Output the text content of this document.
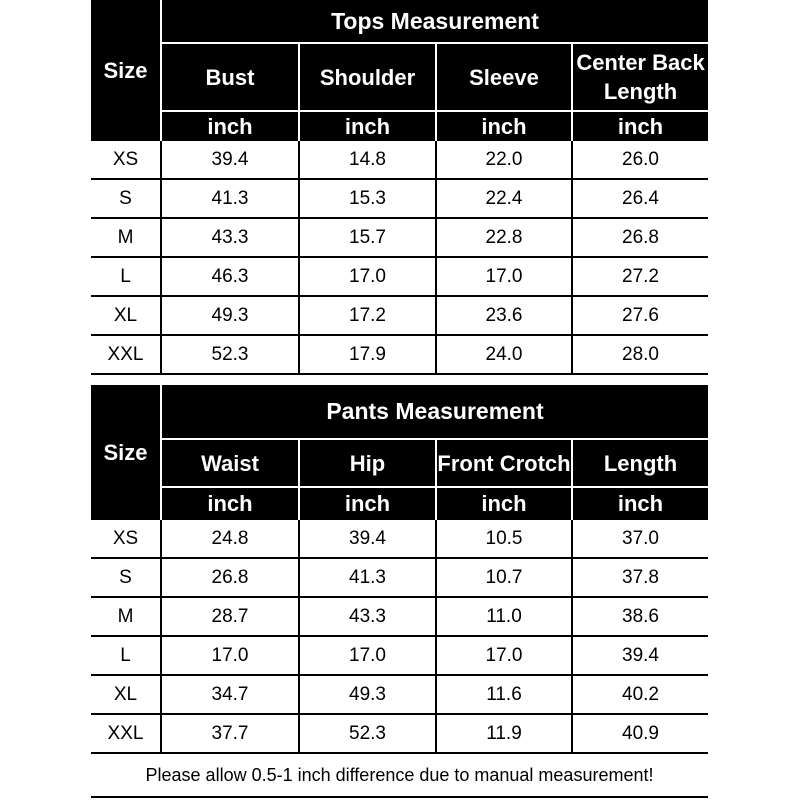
Size	Tops Measurement			
	Bust	Shoulder	Sleeve	Center Back Length
	inch	inch	inch	inch
XS	39.4	14.8	22.0	26.0
S	41.3	15.3	22.4	26.4
M	43.3	15.7	22.8	26.8
L	46.3	17.0	17.0	27.2
XL	49.3	17.2	23.6	27.6
XXL	52.3	17.9	24.0	28.0
Size	Pants Measurement			
	Waist	Hip	Front Crotch	Length
	inch	inch	inch	inch
XS	24.8	39.4	10.5	37.0
S	26.8	41.3	10.7	37.8
M	28.7	43.3	11.0	38.6
L	17.0	17.0	17.0	39.4
XL	34.7	49.3	11.6	40.2
XXL	37.7	52.3	11.9	40.9
Please allow 0.5-1 inch difference due to manual measurement!
